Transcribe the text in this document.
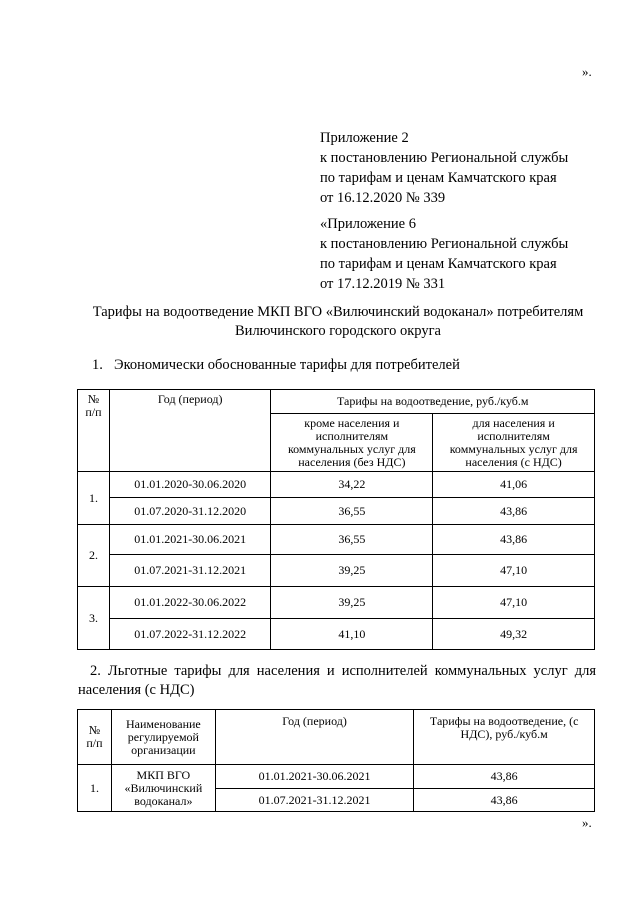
».
Приложение 2
к постановлению Региональной службы
по тарифам и ценам Камчатского края
от 16.12.2020 № 339
«Приложение 6
к постановлению Региональной службы
по тарифам и ценам Камчатского края
от 17.12.2019 № 331
Тарифы на водоотведение МКП ВГО «Вилючинский водоканал» потребителям
Вилючинского городского округа
1. Экономически обоснованные тарифы для потребителей
№
п/п	Год (период)	Тарифы на водоотведение, руб./куб.м	
		кроме населения и исполнителям коммунальных услуг для населения (без НДС)	для населения и исполнителям коммунальных услуг для населения (с НДС)
1.	01.01.2020-30.06.2020	34,22	41,06
	01.07.2020-31.12.2020	36,55	43,86
2.	01.01.2021-30.06.2021	36,55	43,86
	01.07.2021-31.12.2021	39,25	47,10
3.	01.01.2022-30.06.2022	39,25	47,10
	01.07.2022-31.12.2022	41,10	49,32
2. Льготные тарифы для населения и исполнителей коммунальных услуг для населения (с НДС)
№
п/п	Наименование регулируемой организации	Год (период)	Тарифы на водоотведение, (с НДС), руб./куб.м
1.	МКП ВГО «Вилючинский водоканал»	01.01.2021-30.06.2021	43,86
		01.07.2021-31.12.2021	43,86
».
